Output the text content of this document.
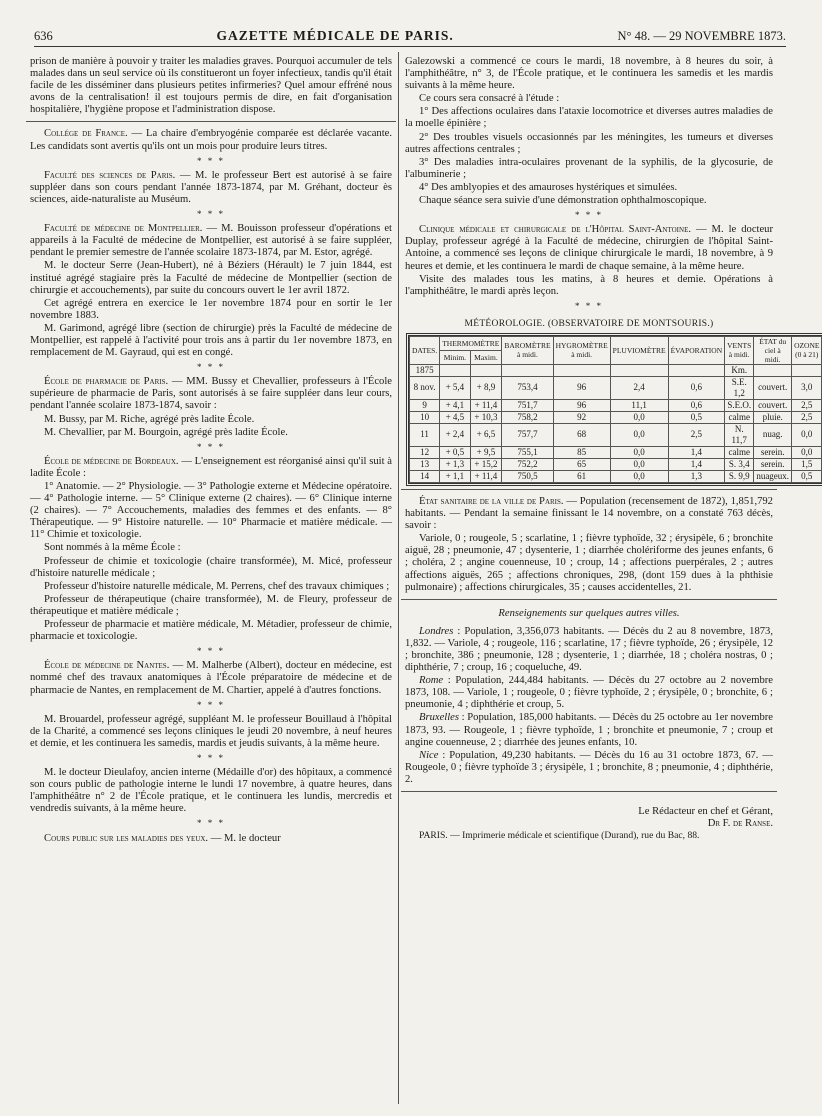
636	GAZETTE MÉDICALE DE PARIS.	N° 48. — 29 NOVEMBRE 1873.

prison de manière à pouvoir y traiter les maladies graves. Pourquoi accumuler de tels malades dans un seul service où ils constitueront un foyer infectieux, tandis qu'il était facile de les disséminer dans plusieurs petites infirmeries? Quel amour effréné nous avons de la centralisation! il est toujours permis de dire, en fait d'organisation hospitalière, l'hygiène propose et l'administration dispose.

Collége de France. — La chaire d'embryogénie comparée est déclarée vacante. Les candidats sont avertis qu'ils ont un mois pour produire leurs titres.

* * *

Faculté des sciences de Paris. — M. le professeur Bert est autorisé à se faire suppléer dans son cours pendant l'année 1873-1874, par M. Gréhant, docteur ès sciences, aide-naturaliste au Muséum.

* * *

Faculté de médecine de Montpellier. — M. Bouisson professeur d'opérations et appareils à la Faculté de médecine de Montpellier, est autorisé à se faire suppléer, pendant le premier semestre de l'année scolaire 1873-1874, par M. Estor, agrégé.

M. le docteur Serre (Jean-Hubert), né à Béziers (Hérault) le 7 juin 1844, est institué agrégé stagiaire près la Faculté de médecine de Montpellier (section de chirurgie et accouchements), par suite du concours ouvert le 1er avril 1872.

Cet agrégé entrera en exercice le 1er novembre 1874 pour en sortir le 1er novembre 1883.

M. Garimond, agrégé libre (section de chirurgie) près la Faculté de médecine de Montpellier, est rappelé à l'activité pour trois ans à partir du 1er novembre 1873, en remplacement de M. Gayraud, qui est en congé.

* * *

École de pharmacie de Paris. — MM. Bussy et Chevallier, professeurs à l'École supérieure de pharmacie de Paris, sont autorisés à se faire suppléer dans leur cours, pendant l'année scolaire 1873-1874, savoir :

M. Bussy, par M. Riche, agrégé près ladite École.

M. Chevallier, par M. Bourgoin, agrégé près ladite École.

* * *

École de médecine de Bordeaux. — L'enseignement est réorganisé ainsi qu'il suit à ladite École :

1° Anatomie. — 2° Physiologie. — 3° Pathologie externe et Médecine opératoire. — 4° Pathologie interne. — 5° Clinique externe (2 chaires). — 6° Clinique interne (2 chaires). — 7° Accouchements, maladies des femmes et des enfants. — 8° Thérapeutique. — 9° Histoire naturelle. — 10° Pharmacie et matière médicale. — 11° Chimie et toxicologie.

Sont nommés à la même École :

Professeur de chimie et toxicologie (chaire transformée), M. Micé, professeur d'histoire naturelle médicale ;

Professeur d'histoire naturelle médicale, M. Perrens, chef des travaux chimiques ;

Professeur de thérapeutique (chaire transformée), M. de Fleury, professeur de thérapeutique et matière médicale ;

Professeur de pharmacie et matière médicale, M. Métadier, professeur de chimie, pharmacie et toxicologie.

* * *

École de médecine de Nantes. — M. Malherbe (Albert), docteur en médecine, est nommé chef des travaux anatomiques à l'École préparatoire de médecine et de pharmacie de Nantes, en remplacement de M. Chartier, appelé à d'autres fonctions.

* * *

M. Brouardel, professeur agrégé, suppléant M. le professeur Bouillaud à l'hôpital de la Charité, a commencé ses leçons cliniques le jeudi 20 novembre, à neuf heures et demie, et les continuera les samedis, mardis et jeudis suivants, à la même heure.

* * *

M. le docteur Dieulafoy, ancien interne (Médaille d'or) des hôpitaux, a commencé son cours public de pathologie interne le lundi 17 novembre, à quatre heures, dans l'amphithéâtre n° 2 de l'École pratique, et le continuera les lundis, mercredis et vendredis suivants, à la même heure.

* * *

Cours public sur les maladies des yeux. — M. le docteur

Galezowski a commencé ce cours le mardi, 18 novembre, à 8 heures du soir, à l'amphithéâtre, n° 3, de l'École pratique, et le continuera les samedis et les mardis suivants à la même heure.

Ce cours sera consacré à l'étude :

1° Des affections oculaires dans l'ataxie locomotrice et diverses autres maladies de la moelle épinière ;

2° Des troubles visuels occasionnés par les méningites, les tumeurs et diverses autres affections centrales ;

3° Des maladies intra-oculaires provenant de la syphilis, de la glycosurie, de l'albuminerie ;

4° Des amblyopies et des amauroses hystériques et simulées.

Chaque séance sera suivie d'une démonstration ophthalmoscopique.

* * *

Clinique médicale et chirurgicale de l'Hôpital Saint-Antoine. — M. le docteur Duplay, professeur agrégé à la Faculté de médecine, chirurgien de l'hôpital Saint-Antoine, a commencé ses leçons de clinique chirurgicale le mardi, 18 novembre, à 9 heures et demie, et les continuera le mardi de chaque semaine, à la même heure.

Visite des malades tous les matins, à 8 heures et demie. Opérations à l'amphithéâtre, le mardi après leçon.

* * *
MÉTÉOROLOGIE. (OBSERVATOIRE DE MONTSOURIS.)
DATES.	THERMOMÈTRE		BAROMÈTRE à midi.	HYGROMÈTRE à midi.	PLUVIOMÈTRE	ÉVAPORATION	VENTS à midi.	ÉTAT du ciel à midi.	OZONE (0 à 21)
	Minim.	Maxim.							
1875							Km.		
8 nov.	+ 5,4	+ 8,9	753,4	96	2,4	0,6	S.E. 1,2	couvert.	3,0
9	+ 4,1	+ 11,4	751,7	96	11,1	0,6	S.E.O.	couvert.	2,5
10	+ 4,5	+ 10,3	758,2	92	0,0	0,5	calme	pluie.	2,5
11	+ 2,4	+ 6,5	757,7	68	0,0	2,5	N. 11,7	nuag.	0,0
12	+ 0,5	+ 9,5	755,1	85	0,0	1,4	calme	serein.	0,0
13	+ 1,3	+ 15,2	752,2	65	0,0	1,4	S. 3,4	serein.	1,5
14	+ 1,1	+ 11,4	750,5	61	0,0	1,3	S. 9,9	nuageux.	0,5

État sanitaire de la ville de Paris. — Population (recensement de 1872), 1,851,792 habitants. — Pendant la semaine finissant le 14 novembre, on a constaté 763 décès, savoir :

Variole, 0 ; rougeole, 5 ; scarlatine, 1 ; fièvre typhoïde, 32 ; érysipèle, 6 ; bronchite aiguë, 28 ; pneumonie, 47 ; dysenterie, 1 ; diarrhée cholériforme des jeunes enfants, 6 ; choléra, 2 ; angine couenneuse, 10 ; croup, 14 ; affections puerpérales, 2 ; autres affections aiguës, 265 ; affections chroniques, 298, (dont 159 dues à la phthisie pulmonaire) ; affections chirurgicales, 35 ; causes accidentelles, 21.

Renseignements sur quelques autres villes.

Londres : Population, 3,356,073 habitants. — Décès du 2 au 8 novembre, 1873, 1,832. — Variole, 4 ; rougeole, 116 ; scarlatine, 17 ; fièvre typhoïde, 26 ; érysipèle, 12 ; bronchite, 386 ; pneumonie, 128 ; dysenterie, 1 ; diarrhée, 18 ; choléra nostras, 0 ; diphthérie, 7 ; croup, 16 ; coqueluche, 49.

Rome : Population, 244,484 habitants. — Décès du 27 octobre au 2 novembre 1873, 108. — Variole, 1 ; rougeole, 0 ; fièvre typhoïde, 2 ; érysipèle, 0 ; bronchite, 6 ; pneumonie, 4 ; diphthérie et croup, 5.

Bruxelles : Population, 185,000 habitants. — Décès du 25 octobre au 1er novembre 1873, 93. — Rougeole, 1 ; fièvre typhoïde, 1 ; bronchite et pneumonie, 7 ; croup et angine couenneuse, 2 ; diarrhée des jeunes enfants, 10.

Nice : Population, 49,230 habitants. — Décès du 16 au 31 octobre 1873, 67. — Rougeole, 0 ; fièvre typhoïde 3 ; érysipèle, 1 ; bronchite, 8 ; pneumonie, 4 ; diphthérie, 2.

Le Rédacteur en chef et Gérant,
Dr F. de Ranse.

PARIS. — Imprimerie médicale et scientifique (Durand), rue du Bac, 88.
